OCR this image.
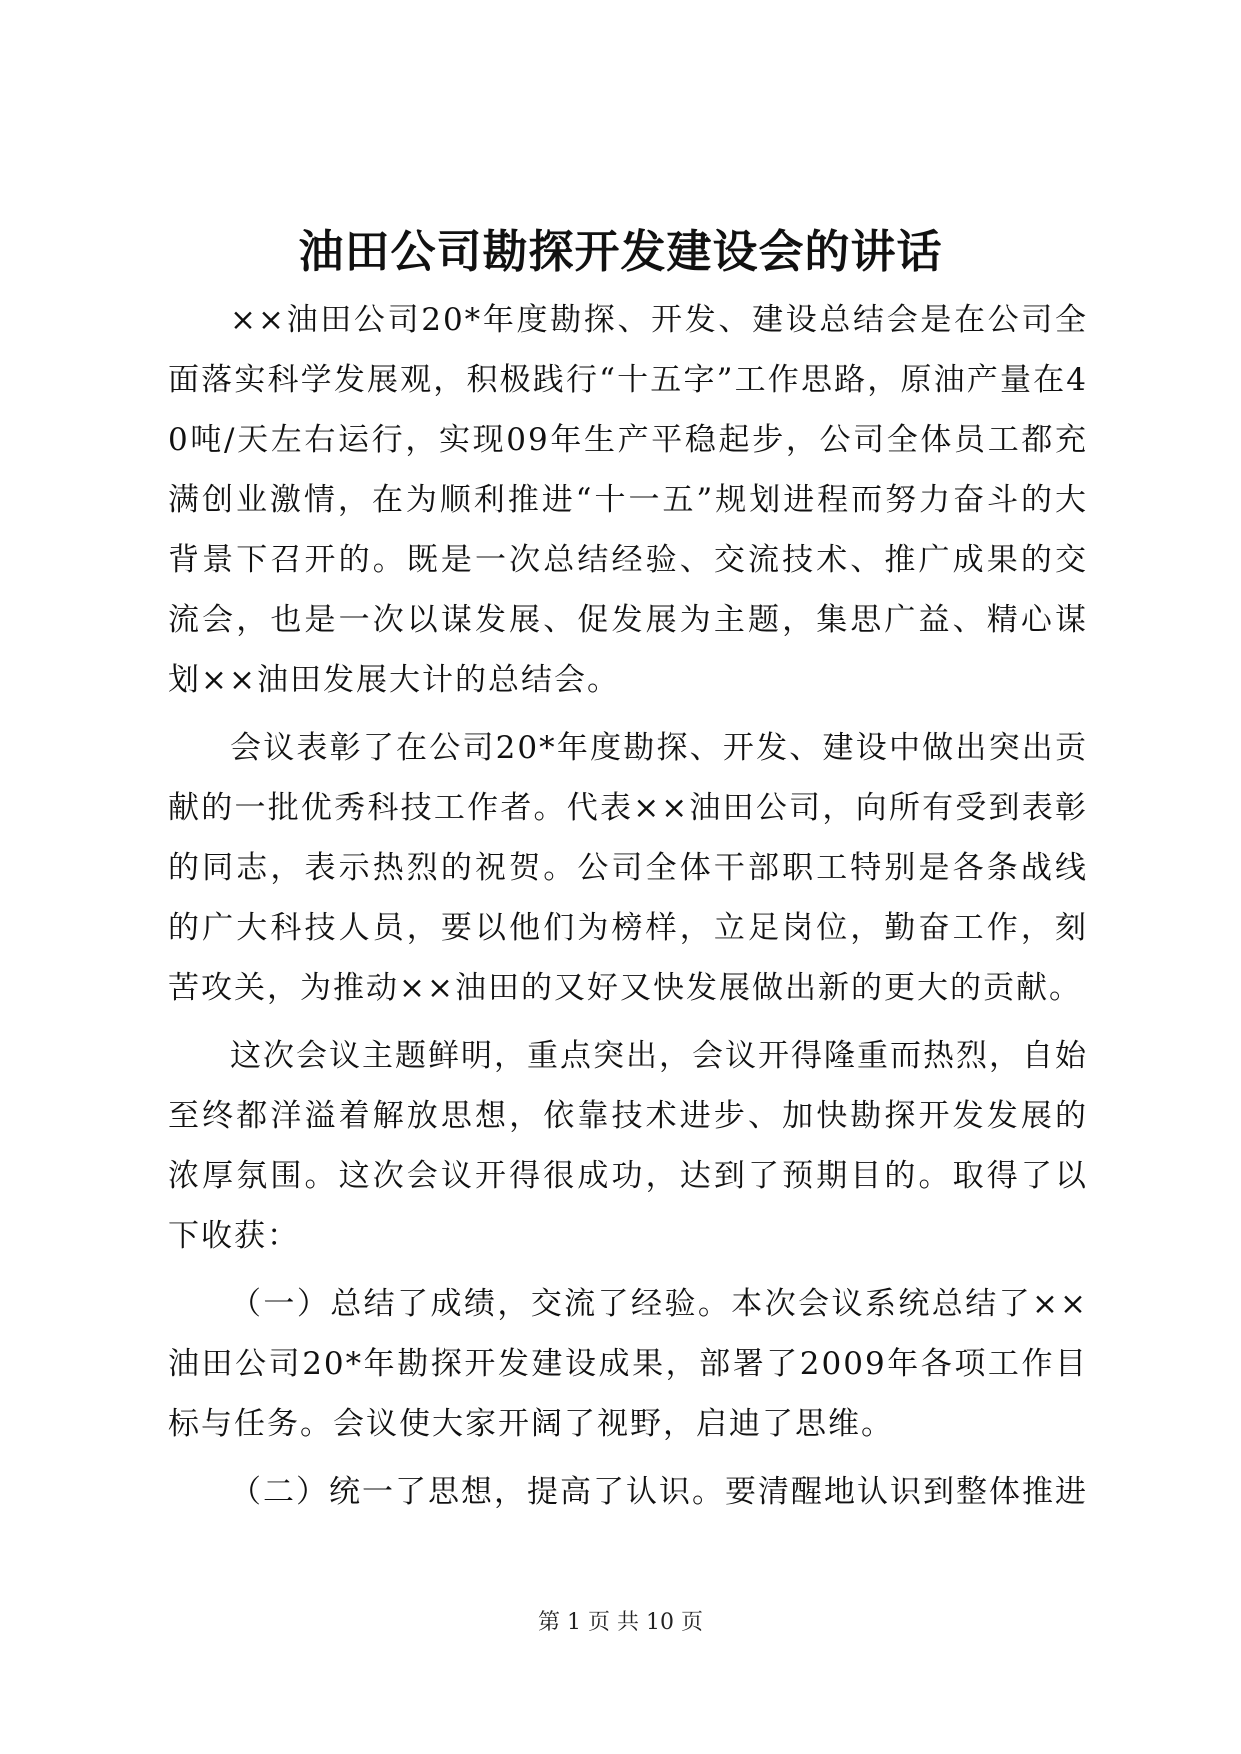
油田公司勘探开发建设会的讲话

××油田公司20*年度勘探、开发、建设总结会是在公司全面落实科学发展观，积极践行“十五字”工作思路，原油产量在40吨/天左右运行，实现09年生产平稳起步，公司全体员工都充满创业激情，在为顺利推进“十一五”规划进程而努力奋斗的大背景下召开的。既是一次总结经验、交流技术、推广成果的交流会，也是一次以谋发展、促发展为主题，集思广益、精心谋划××油田发展大计的总结会。

会议表彰了在公司20*年度勘探、开发、建设中做出突出贡献的一批优秀科技工作者。代表××油田公司，向所有受到表彰的同志，表示热烈的祝贺。公司全体干部职工特别是各条战线的广大科技人员，要以他们为榜样，立足岗位，勤奋工作，刻苦攻关，为推动××油田的又好又快发展做出新的更大的贡献。

这次会议主题鲜明，重点突出，会议开得隆重而热烈，自始至终都洋溢着解放思想，依靠技术进步、加快勘探开发发展的浓厚氛围。这次会议开得很成功，达到了预期目的。取得了以下收获：

（一）总结了成绩，交流了经验。本次会议系统总结了××油田公司20*年勘探开发建设成果，部署了2009年各项工作目标与任务。会议使大家开阔了视野，启迪了思维。

（二）统一了思想，提高了认识。要清醒地认识到整体推进

第 1 页 共 10 页
